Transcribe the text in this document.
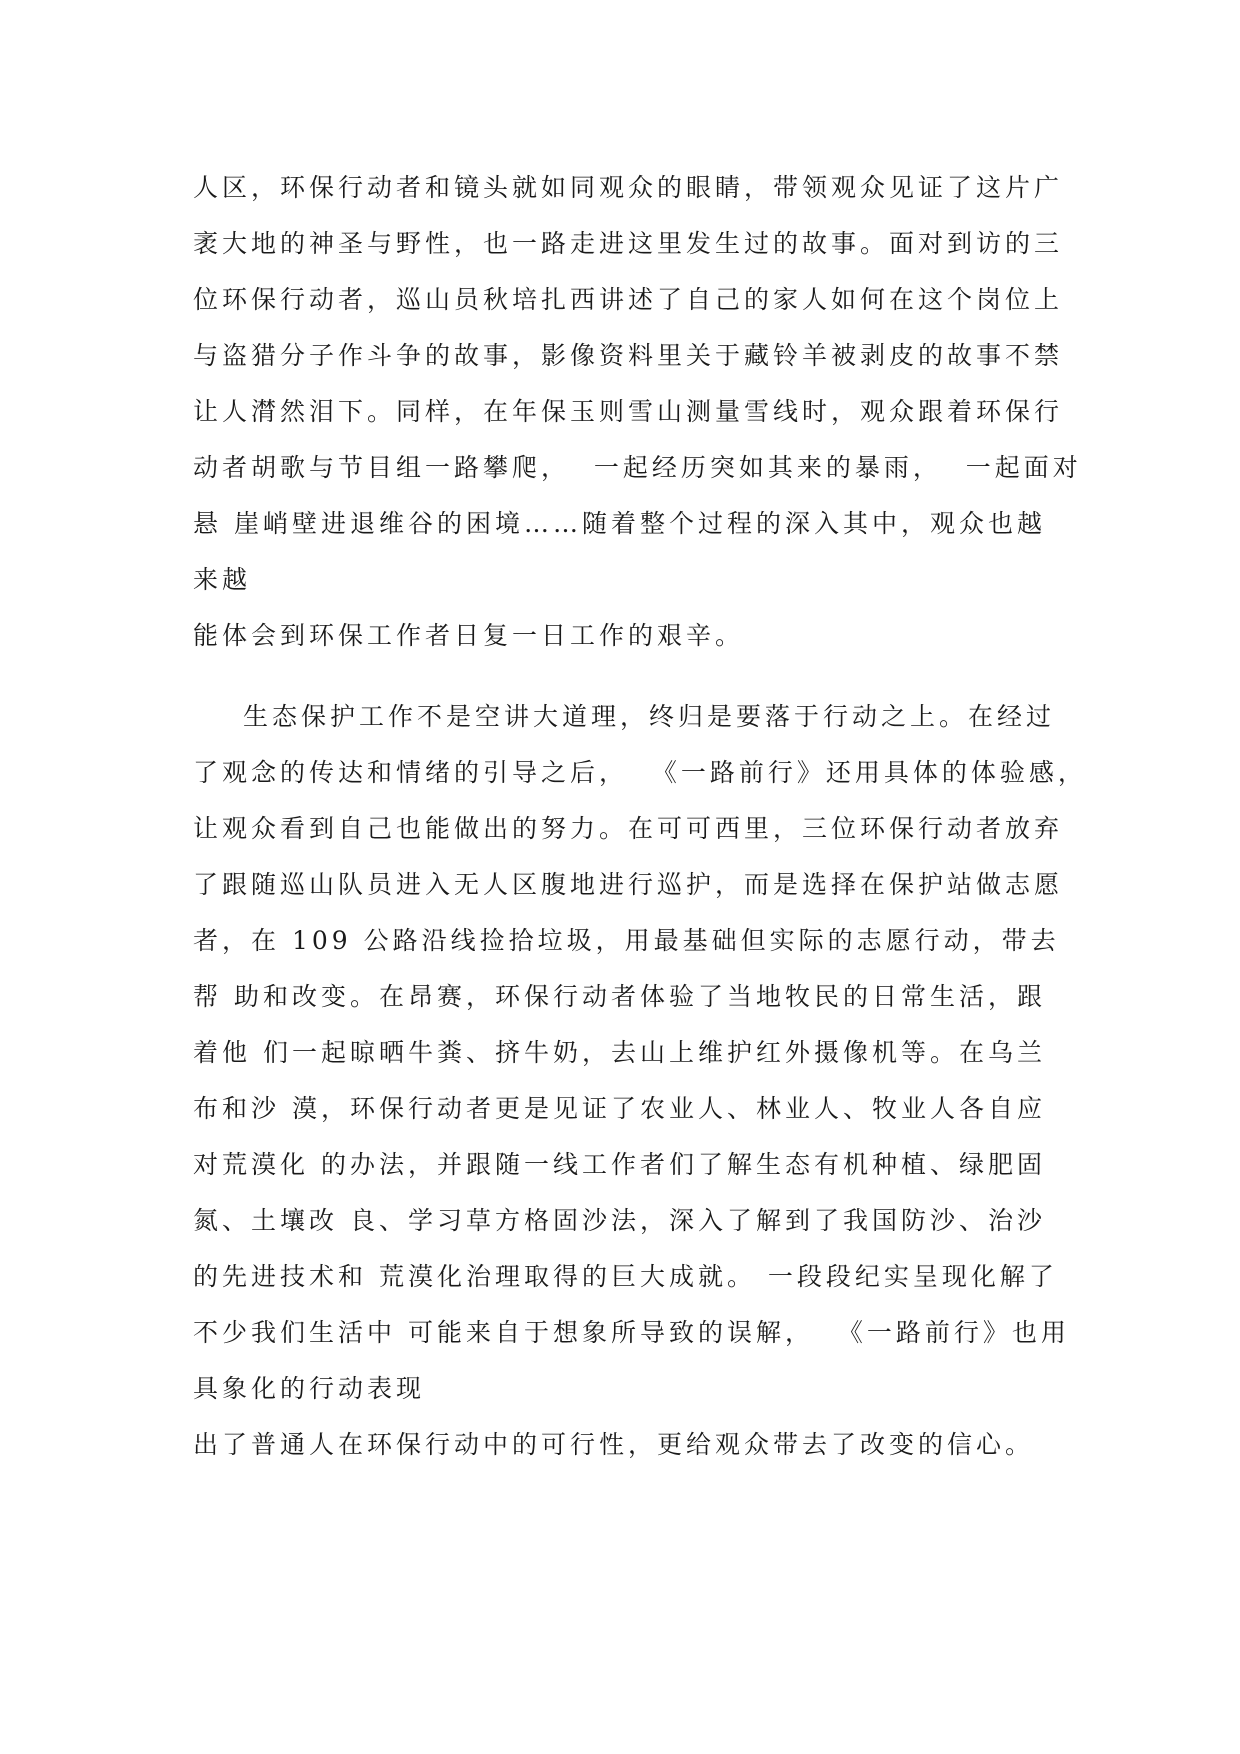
人区，环保行动者和镜头就如同观众的眼睛，带领观众见证了这片广
袤大地的神圣与野性，也一路走进这里发生过的故事。面对到访的三
位环保行动者，巡山员秋培扎西讲述了自己的家人如何在这个岗位上
与盗猎分子作斗争的故事，影像资料里关于藏铃羊被剥皮的故事不禁
让人潸然泪下。同样，在年保玉则雪山测量雪线时，观众跟着环保行
动者胡歌与节目组一路攀爬，  一起经历突如其来的暴雨，  一起面对
悬 崖峭壁进退维谷的困境……随着整个过程的深入其中，观众也越
来越
能体会到环保工作者日复一日工作的艰辛。
生态保护工作不是空讲大道理，终归是要落于行动之上。在经过
了观念的传达和情绪的引导之后，  《一路前行》还用具体的体验感，
让观众看到自己也能做出的努力。在可可西里，三位环保行动者放弃
了跟随巡山队员进入无人区腹地进行巡护，而是选择在保护站做志愿
者，在 109 公路沿线捡拾垃圾，用最基础但实际的志愿行动，带去
帮 助和改变。在昂赛，环保行动者体验了当地牧民的日常生活，跟
着他 们一起晾晒牛粪、挤牛奶，去山上维护红外摄像机等。在乌兰
布和沙 漠，环保行动者更是见证了农业人、林业人、牧业人各自应
对荒漠化 的办法，并跟随一线工作者们了解生态有机种植、绿肥固
氮、土壤改 良、学习草方格固沙法，深入了解到了我国防沙、治沙
的先进技术和 荒漠化治理取得的巨大成就。 一段段纪实呈现化解了
不少我们生活中 可能来自于想象所导致的误解，  《一路前行》也用
具象化的行动表现
出了普通人在环保行动中的可行性，更给观众带去了改变的信心。
